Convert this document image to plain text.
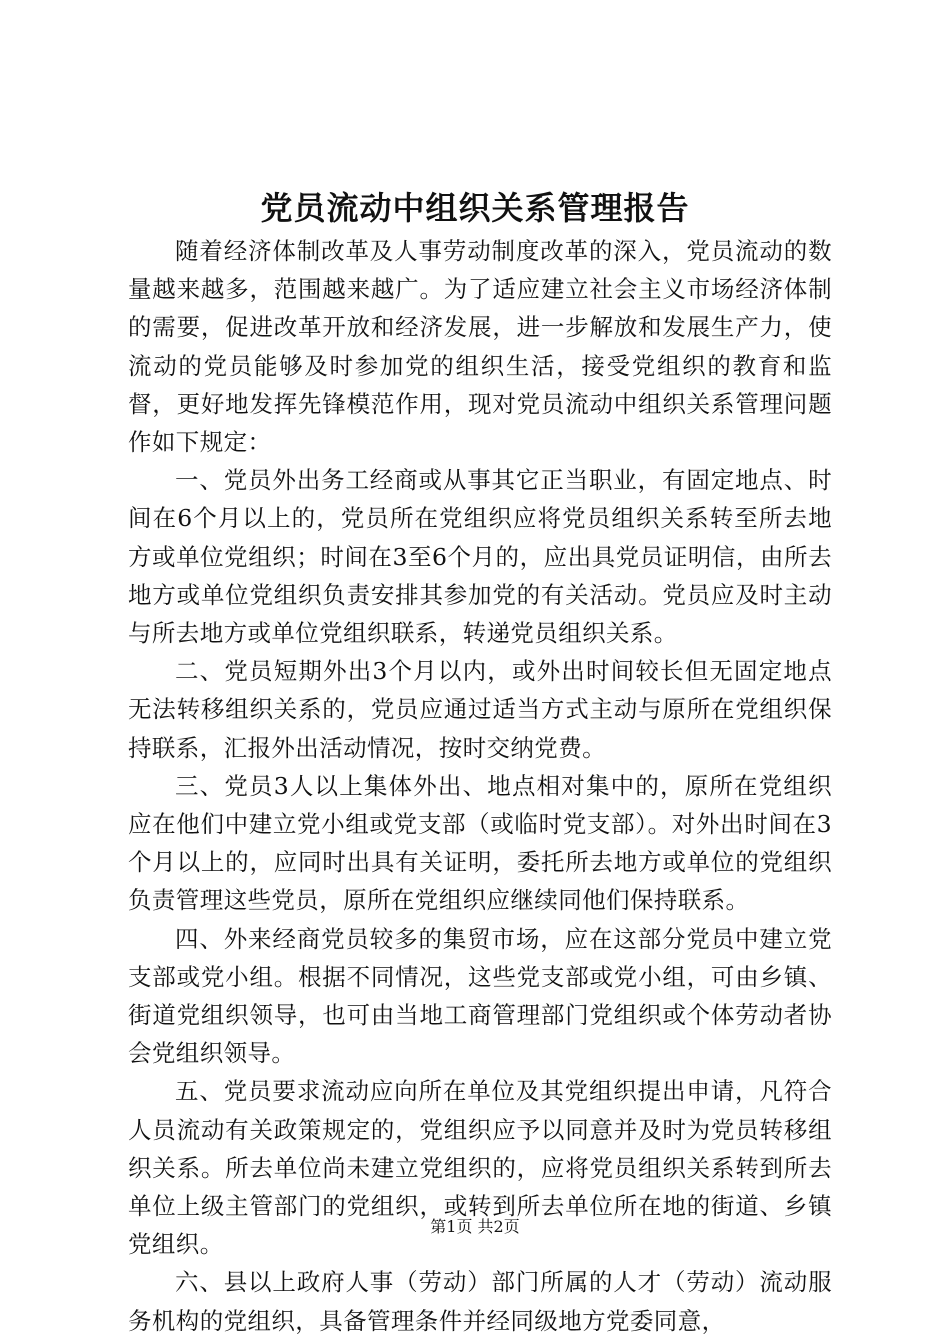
党员流动中组织关系管理报告

随着经济体制改革及人事劳动制度改革的深入，党员流动的数量越来越多，范围越来越广。为了适应建立社会主义市场经济体制的需要，促进改革开放和经济发展，进一步解放和发展生产力，使流动的党员能够及时参加党的组织生活，接受党组织的教育和监督，更好地发挥先锋模范作用，现对党员流动中组织关系管理问题作如下规定：

一、党员外出务工经商或从事其它正当职业，有固定地点、时间在6个月以上的，党员所在党组织应将党员组织关系转至所去地方或单位党组织；时间在3至6个月的，应出具党员证明信，由所去地方或单位党组织负责安排其参加党的有关活动。党员应及时主动与所去地方或单位党组织联系，转递党员组织关系。

二、党员短期外出3个月以内，或外出时间较长但无固定地点无法转移组织关系的，党员应通过适当方式主动与原所在党组织保持联系，汇报外出活动情况，按时交纳党费。

三、党员3人以上集体外出、地点相对集中的，原所在党组织应在他们中建立党小组或党支部（或临时党支部）。对外出时间在3个月以上的，应同时出具有关证明，委托所去地方或单位的党组织负责管理这些党员，原所在党组织应继续同他们保持联系。

四、外来经商党员较多的集贸市场，应在这部分党员中建立党支部或党小组。根据不同情况，这些党支部或党小组，可由乡镇、街道党组织领导，也可由当地工商管理部门党组织或个体劳动者协会党组织领导。

五、党员要求流动应向所在单位及其党组织提出申请，凡符合人员流动有关政策规定的，党组织应予以同意并及时为党员转移组织关系。所去单位尚未建立党组织的，应将党员组织关系转到所去单位上级主管部门的党组织，或转到所去单位所在地的街道、乡镇党组织。

六、县以上政府人事（劳动）部门所属的人才（劳动）流动服务机构的党组织，具备管理条件并经同级地方党委同意，

第1页 共2页
